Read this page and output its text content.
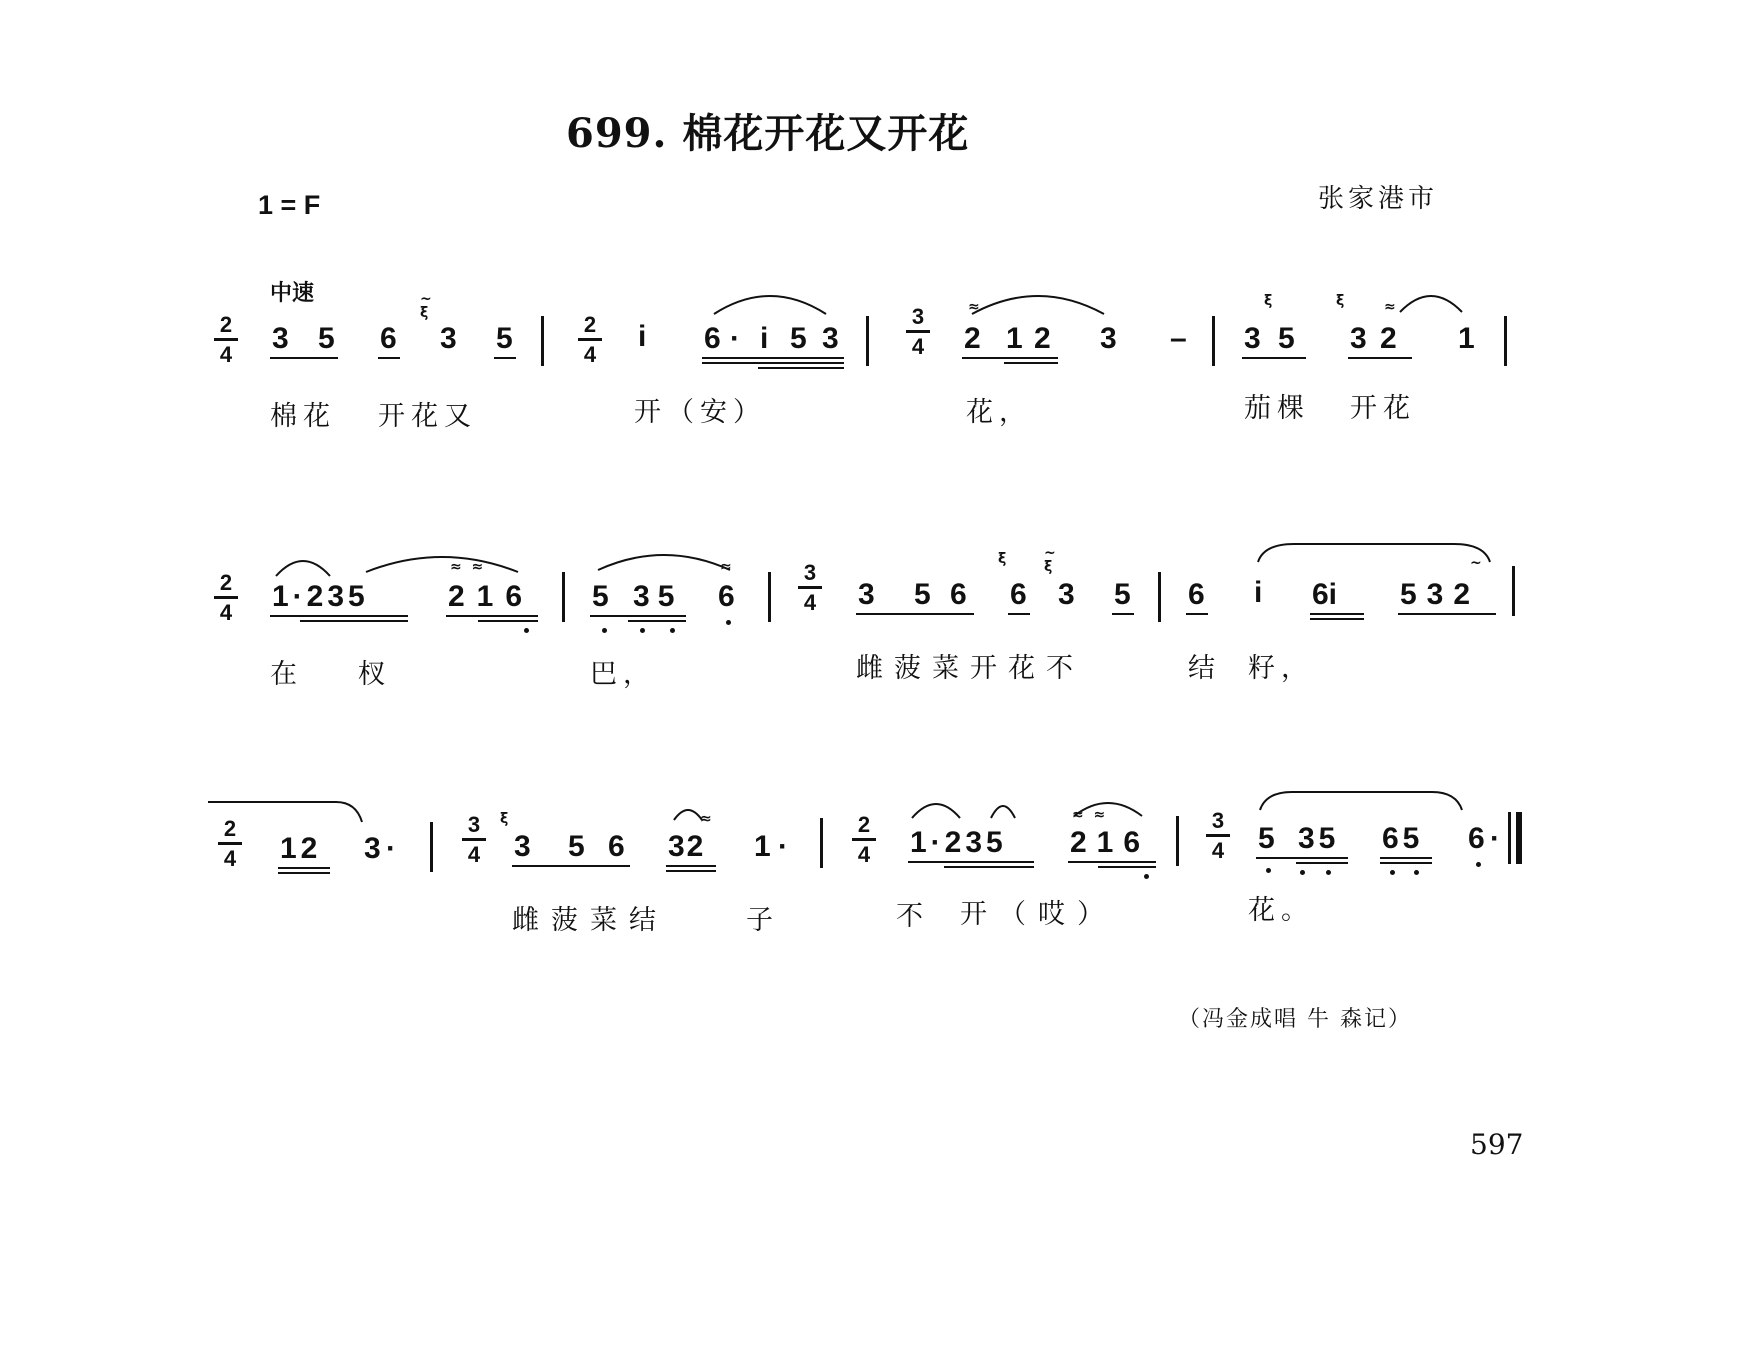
699. 棉花开花又开花
1 = F	张家港市
中速
2
4 3 5 6
~
ξ
3 5	2
4
i 6 · i 5 3
3
4
≈
2 1 2 3 – 3
ξ
5
ξ
3
≈
2 1
棉花 开花又	开（安）	花，	茄棵 开花
2
4 1·235
≈  ≈
216 5 35
≈
6
3
4 3 5 6
ξ
6
~
ξ
3 5 6 i 6i
~
532
在 杈	巴，	雌菠菜开花不	结 籽，
2
4 12 3 ·
3
4
ξ
3 5 6
≈
32 1 ·
2
4 1·235
≈  ≈
216
3
4 5 35 65 6 ·
雌菠菜结	子	不 开（哎）	花。
（冯金成唱 牛 森记）
597
